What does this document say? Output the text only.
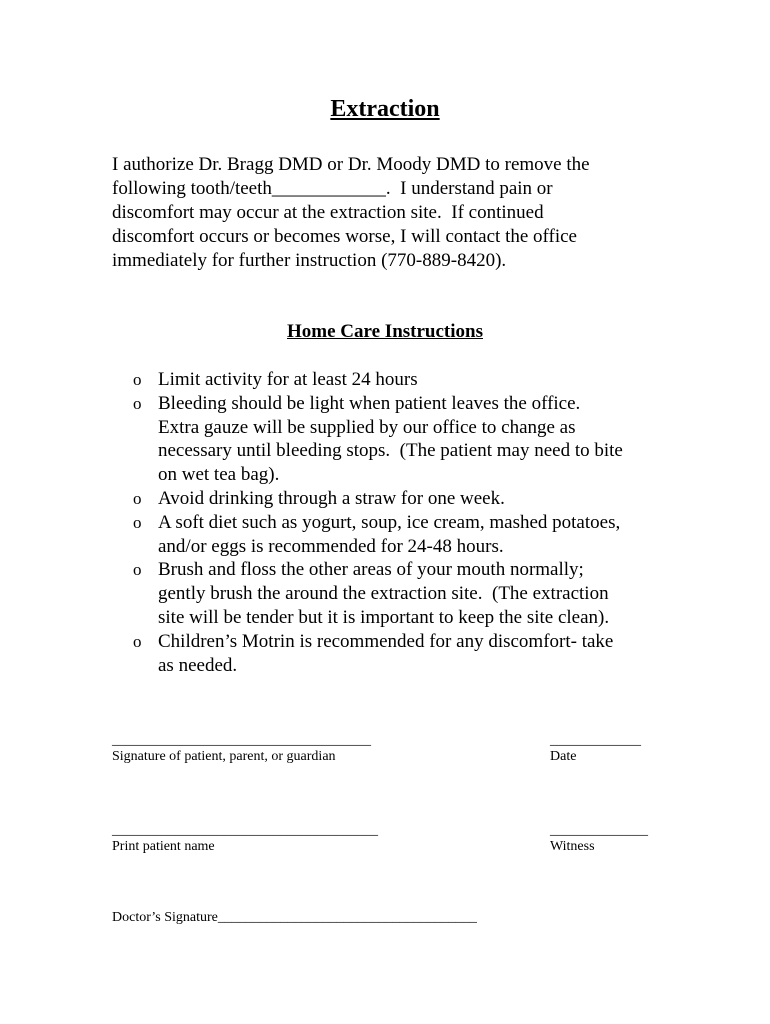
Extraction
I authorize Dr. Bragg DMD or Dr. Moody DMD to remove the
following tooth/teeth____________.  I understand pain or
discomfort may occur at the extraction site.  If continued
discomfort occurs or becomes worse, I will contact the office
immediately for further instruction (770-889-8420).
Home Care Instructions
o Limit activity for at least 24 hours
o Bleeding should be light when patient leaves the office.
Extra gauze will be supplied by our office to change as
necessary until bleeding stops.  (The patient may need to bite
on wet tea bag).
o Avoid drinking through a straw for one week.
o A soft diet such as yogurt, soup, ice cream, mashed potatoes,
and/or eggs is recommended for 24-48 hours.
o Brush and floss the other areas of your mouth normally;
gently brush the around the extraction site.  (The extraction
site will be tender but it is important to keep the site clean).
o Children’s Motrin is recommended for any discomfort- take
as needed.
_____________________________________
Signature of patient, parent, or guardian
_____________
Date
______________________________________
Print patient name
______________
Witness
Doctor’s Signature_____________________________________
